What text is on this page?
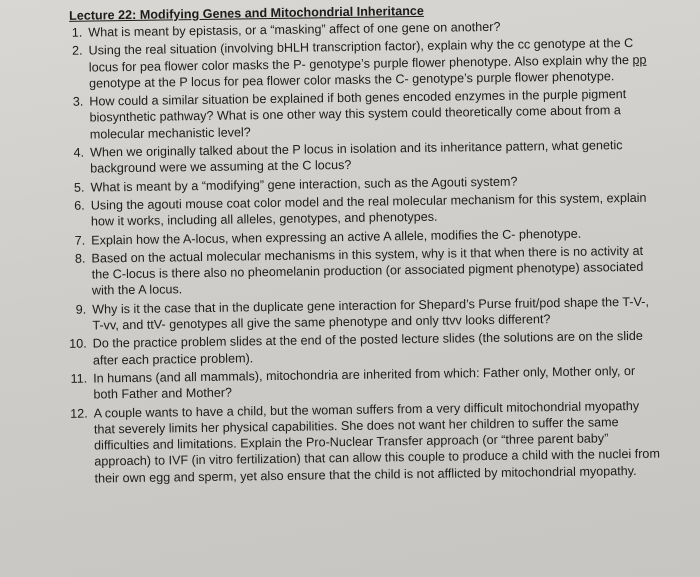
Lecture 22: Modifying Genes and Mitochondrial Inheritance
1. What is meant by epistasis, or a “masking” affect of one gene on another?
2. Using the real situation (involving bHLH transcription factor), explain why the cc genotype at the C locus for pea flower color masks the P- genotype’s purple flower phenotype. Also explain why the pp genotype at the P locus for pea flower color masks the C- genotype’s purple flower phenotype.
3. How could a similar situation be explained if both genes encoded enzymes in the purple pigment biosynthetic pathway? What is one other way this system could theoretically come about from a molecular mechanistic level?
4. When we originally talked about the P locus in isolation and its inheritance pattern, what genetic background were we assuming at the C locus?
5. What is meant by a “modifying” gene interaction, such as the Agouti system?
6. Using the agouti mouse coat color model and the real molecular mechanism for this system, explain how it works, including all alleles, genotypes, and phenotypes.
7. Explain how the A-locus, when expressing an active A allele, modifies the C- phenotype.
8. Based on the actual molecular mechanisms in this system, why is it that when there is no activity at the C-locus is there also no pheomelanin production (or associated pigment phenotype) associated with the A locus.
9. Why is it the case that in the duplicate gene interaction for Shepard’s Purse fruit/pod shape the T-V-, T-vv, and ttV- genotypes all give the same phenotype and only ttvv looks different?
10. Do the practice problem slides at the end of the posted lecture slides (the solutions are on the slide after each practice problem).
11. In humans (and all mammals), mitochondria are inherited from which: Father only, Mother only, or both Father and Mother?
12. A couple wants to have a child, but the woman suffers from a very difficult mitochondrial myopathy that severely limits her physical capabilities. She does not want her children to suffer the same difficulties and limitations. Explain the Pro-Nuclear Transfer approach (or “three parent baby” approach) to IVF (in vitro fertilization) that can allow this couple to produce a child with the nuclei from their own egg and sperm, yet also ensure that the child is not afflicted by mitochondrial myopathy.
